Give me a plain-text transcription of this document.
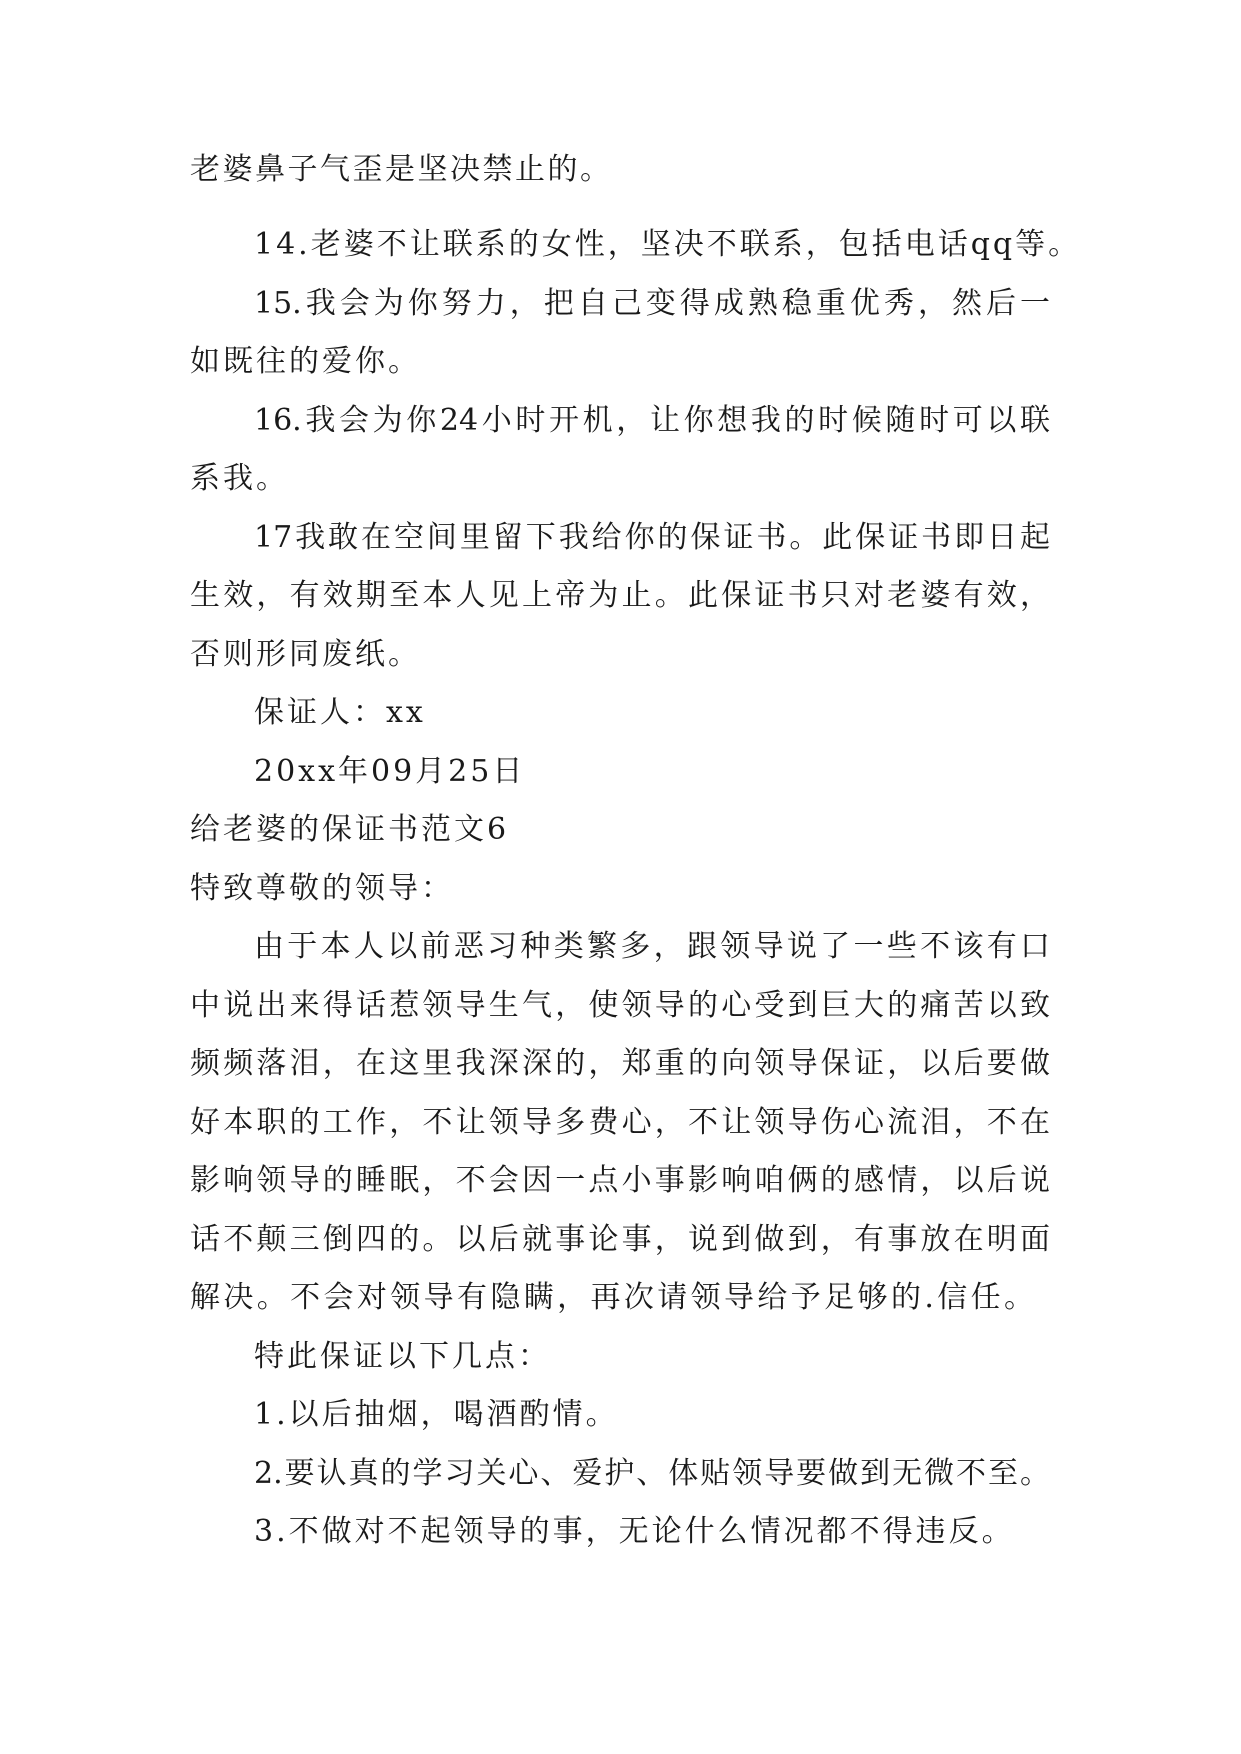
老婆鼻子气歪是坚决禁止的。
14.老婆不让联系的女性，坚决不联系，包括电话qq等。
15.我会为你努力，把自己变得成熟稳重优秀，然后一
如既往的爱你。
16.我会为你24小时开机，让你想我的时候随时可以联
系我。
17我敢在空间里留下我给你的保证书。此保证书即日起
生效，有效期至本人见上帝为止。此保证书只对老婆有效，
否则形同废纸。
保证人：xx
20xx年09月25日
给老婆的保证书范文6
特致尊敬的领导：
由于本人以前恶习种类繁多，跟领导说了一些不该有口
中说出来得话惹领导生气，使领导的心受到巨大的痛苦以致
频频落泪，在这里我深深的，郑重的向领导保证，以后要做
好本职的工作，不让领导多费心，不让领导伤心流泪，不在
影响领导的睡眠，不会因一点小事影响咱俩的感情，以后说
话不颠三倒四的。以后就事论事，说到做到，有事放在明面
解决。不会对领导有隐瞒，再次请领导给予足够的.信任。
特此保证以下几点：
1.以后抽烟，喝酒酌情。
2.要认真的学习关心、爱护、体贴领导要做到无微不至。
3.不做对不起领导的事，无论什么情况都不得违反。
